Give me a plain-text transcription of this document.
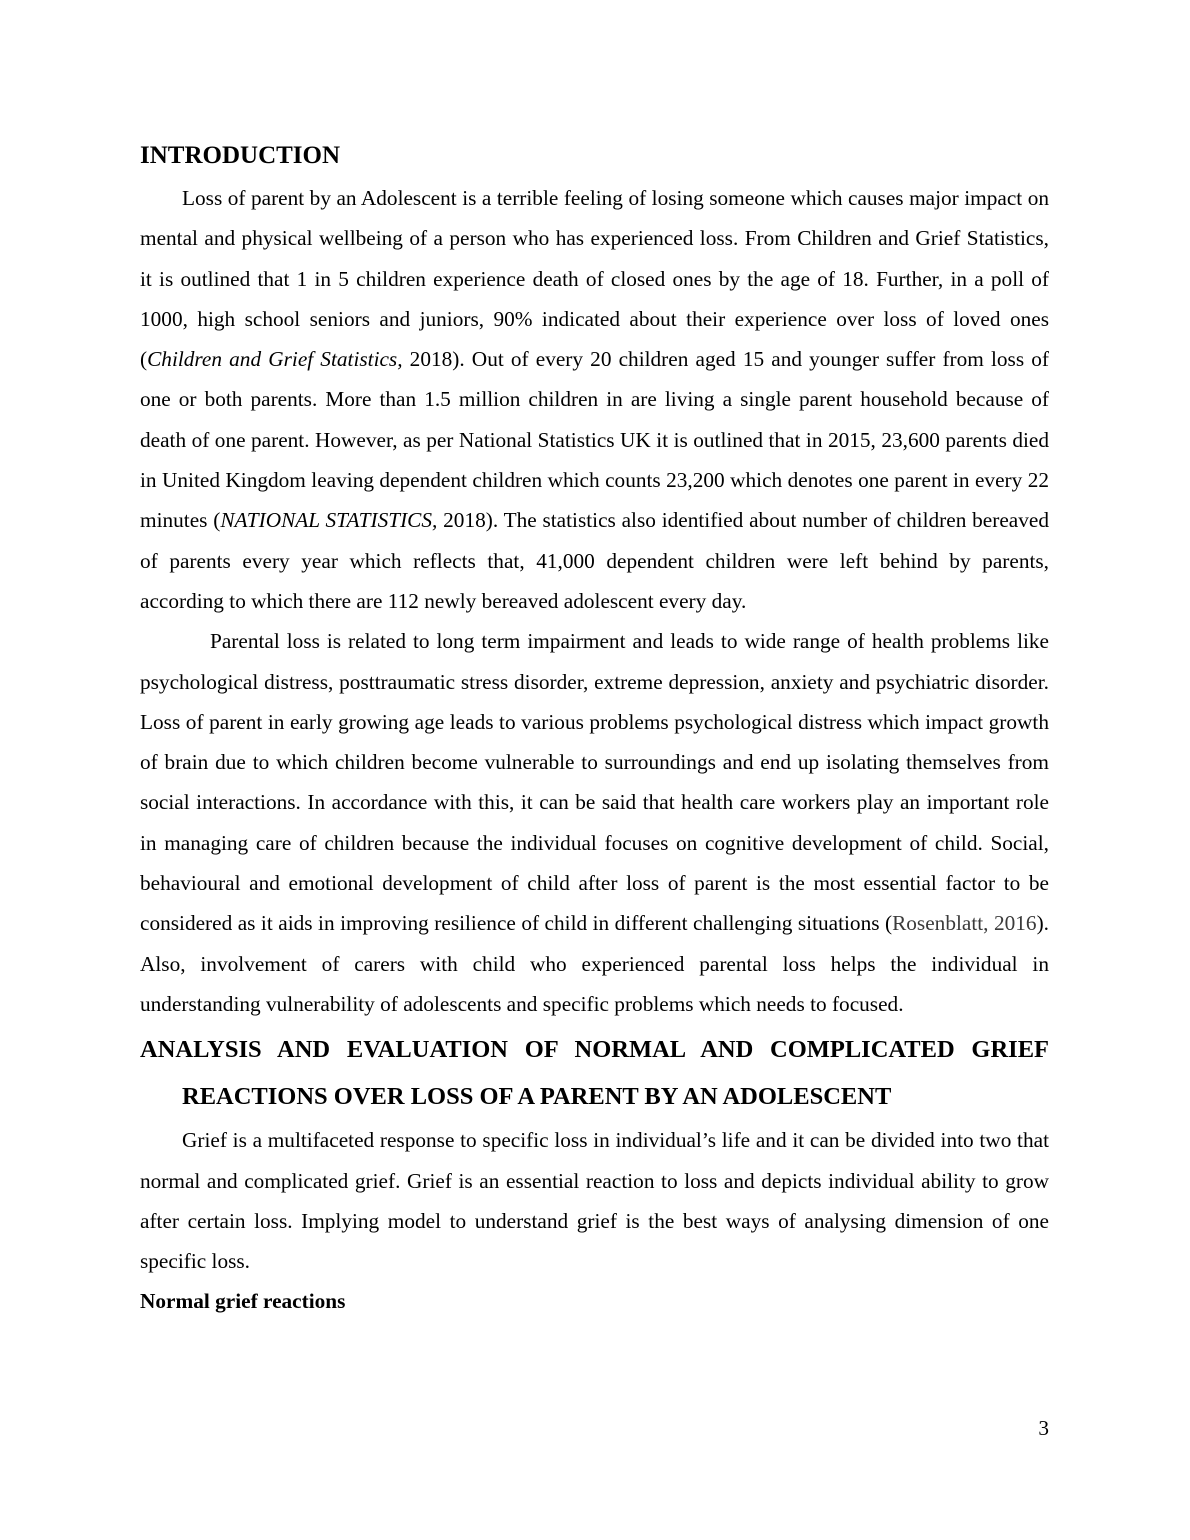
INTRODUCTION

Loss of parent by an Adolescent is a terrible feeling of losing someone which causes major impact on mental and physical wellbeing of a person who has experienced loss. From Children and Grief Statistics, it is outlined that 1 in 5 children experience death of closed ones by the age of 18. Further, in a poll of 1000, high school seniors and juniors, 90% indicated about their experience over loss of loved ones (Children and Grief Statistics, 2018). Out of every 20 children aged 15 and younger suffer from loss of one or both parents. More than 1.5 million children in are living a single parent household because of death of one parent. However, as per National Statistics UK it is outlined that in 2015, 23,600 parents died in United Kingdom leaving dependent children which counts 23,200 which denotes one parent in every 22 minutes (NATIONAL STATISTICS, 2018). The statistics also identified about number of children bereaved of parents every year which reflects that, 41,000 dependent children were left behind by parents, according to which there are 112 newly bereaved adolescent every day.

Parental loss is related to long term impairment and leads to wide range of health problems like psychological distress, posttraumatic stress disorder, extreme depression, anxiety and psychiatric disorder. Loss of parent in early growing age leads to various problems psychological distress which impact growth of brain due to which children become vulnerable to surroundings and end up isolating themselves from social interactions. In accordance with this, it can be said that health care workers play an important role in managing care of children because the individual focuses on cognitive development of child. Social, behavioural and emotional development of child after loss of parent is the most essential factor to be considered as it aids in improving resilience of child in different challenging situations (Rosenblatt, 2016). Also, involvement of carers with child who experienced parental loss helps the individual in understanding vulnerability of adolescents and specific problems which needs to focused.

ANALYSIS AND EVALUATION OF NORMAL AND COMPLICATED GRIEF REACTIONS OVER LOSS OF A PARENT BY AN ADOLESCENT

Grief is a multifaceted response to specific loss in individual’s life and it can be divided into two that normal and complicated grief. Grief is an essential reaction to loss and depicts individual ability to grow after certain loss. Implying model to understand grief is the best ways of analysing dimension of one specific loss.

Normal grief reactions
3
